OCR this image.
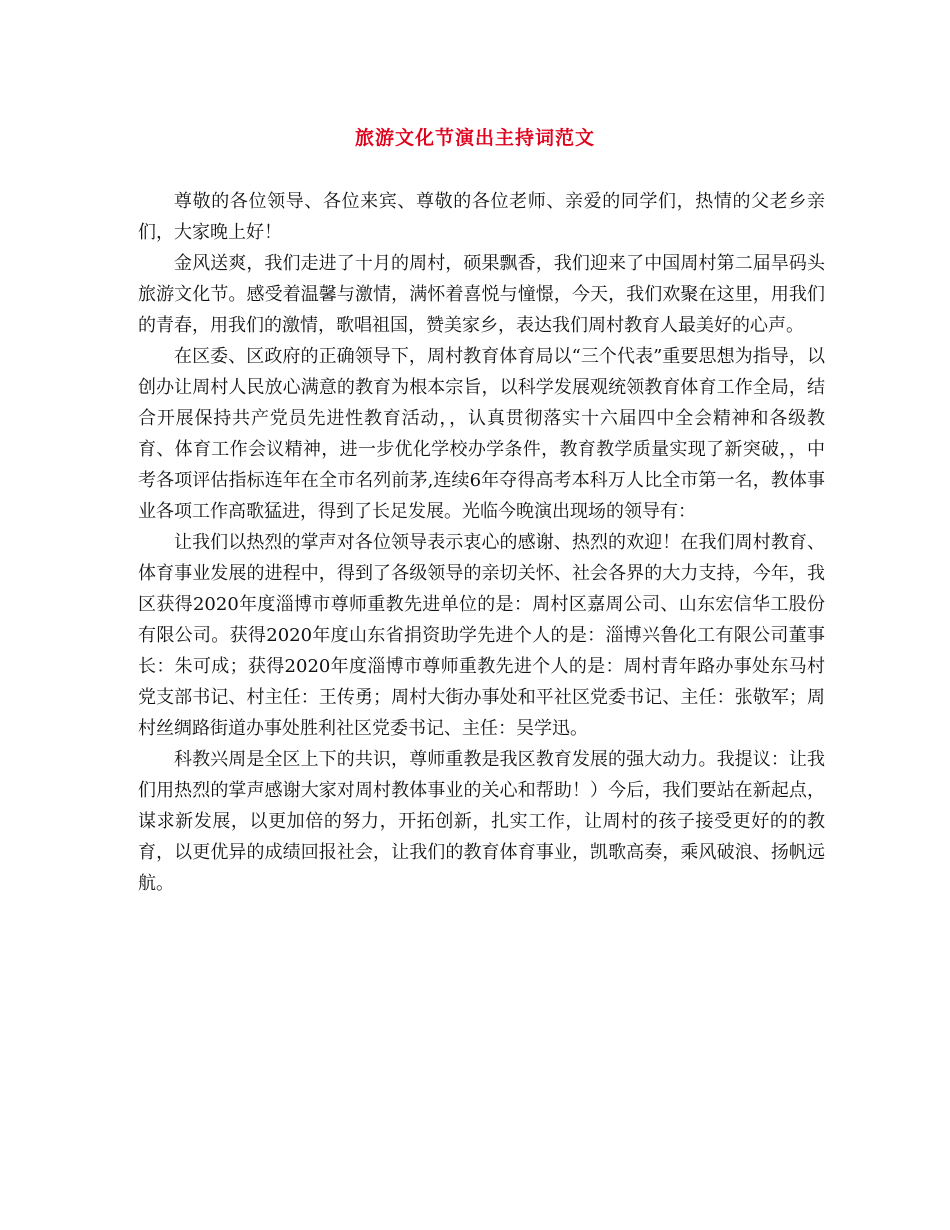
旅游文化节演出主持词范文

尊敬的各位领导、各位来宾、尊敬的各位老师、亲爱的同学们，热情的父老乡亲们，大家晚上好！

金风送爽，我们走进了十月的周村，硕果飘香，我们迎来了中国周村第二届旱码头旅游文化节。感受着温馨与激情，满怀着喜悦与憧憬，今天，我们欢聚在这里，用我们的青春，用我们的激情，歌唱祖国，赞美家乡，表达我们周村教育人最美好的心声。

在区委、区政府的正确领导下，周村教育体育局以“三个代表”重要思想为指导，以创办让周村人民放心满意的教育为根本宗旨，以科学发展观统领教育体育工作全局，结合开展保持共产党员先进性教育活动，，认真贯彻落实十六届四中全会精神和各级教育、体育工作会议精神，进一步优化学校办学条件，教育教学质量实现了新突破，，中考各项评估指标连年在全市名列前茅,连续6年夺得高考本科万人比全市第一名，教体事业各项工作高歌猛进，得到了长足发展。光临今晚演出现场的领导有：

让我们以热烈的掌声对各位领导表示衷心的感谢、热烈的欢迎！在我们周村教育、体育事业发展的进程中，得到了各级领导的亲切关怀、社会各界的大力支持，今年，我区获得2020年度淄博市尊师重教先进单位的是：周村区嘉周公司、山东宏信华工股份有限公司。获得2020年度山东省捐资助学先进个人的是：淄博兴鲁化工有限公司董事长：朱可成；获得2020年度淄博市尊师重教先进个人的是：周村青年路办事处东马村党支部书记、村主任：王传勇；周村大街办事处和平社区党委书记、主任：张敬军；周村丝绸路街道办事处胜利社区党委书记、主任：吴学迅。

科教兴周是全区上下的共识，尊师重教是我区教育发展的强大动力。我提议：让我们用热烈的掌声感谢大家对周村教体事业的关心和帮助！）今后，我们要站在新起点，谋求新发展，以更加倍的努力，开拓创新，扎实工作，让周村的孩子接受更好的的教育，以更优异的成绩回报社会，让我们的教育体育事业，凯歌高奏，乘风破浪、扬帆远航。
